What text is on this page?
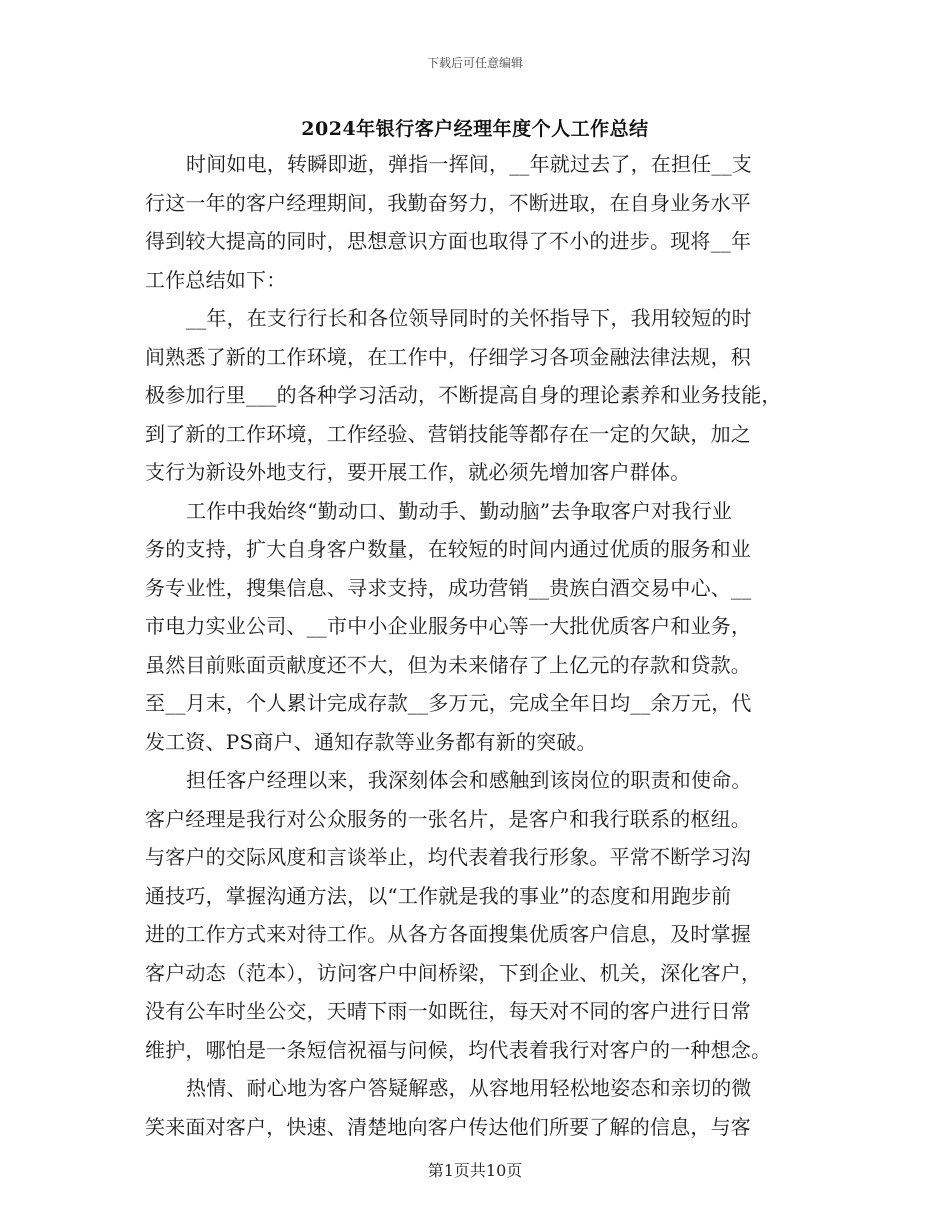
下载后可任意编辑
2024年银行客户经理年度个人工作总结
时间如电，转瞬即逝，弹指一挥间，__年就过去了，在担任__支
行这一年的客户经理期间，我勤奋努力，不断进取，在自身业务水平
得到较大提高的同时，思想意识方面也取得了不小的进步。现将__年
工作总结如下：
__年，在支行行长和各位领导同时的关怀指导下，我用较短的时
间熟悉了新的工作环境，在工作中，仔细学习各项金融法律法规，积
极参加行里___的各种学习活动，不断提高自身的理论素养和业务技能，
到了新的工作环境，工作经验、营销技能等都存在一定的欠缺，加之
支行为新设外地支行，要开展工作，就必须先增加客户群体。
工作中我始终“勤动口、勤动手、勤动脑”去争取客户对我行业
务的支持，扩大自身客户数量，在较短的时间内通过优质的服务和业
务专业性，搜集信息、寻求支持，成功营销__贵族白酒交易中心、__
市电力实业公司、__市中小企业服务中心等一大批优质客户和业务，
虽然目前账面贡献度还不大，但为未来储存了上亿元的存款和贷款。
至__月末，个人累计完成存款__多万元，完成全年日均__余万元，代
发工资、PS商户、通知存款等业务都有新的突破。
担任客户经理以来，我深刻体会和感触到该岗位的职责和使命。
客户经理是我行对公众服务的一张名片，是客户和我行联系的枢纽。
与客户的交际风度和言谈举止，均代表着我行形象。平常不断学习沟
通技巧，掌握沟通方法，以“工作就是我的事业”的态度和用跑步前
进的工作方式来对待工作。从各方各面搜集优质客户信息，及时掌握
客户动态（范本），访问客户中间桥梁，下到企业、机关，深化客户，
没有公车时坐公交，天晴下雨一如既往，每天对不同的客户进行日常
维护，哪怕是一条短信祝福与问候，均代表着我行对客户的一种想念。
热情、耐心地为客户答疑解惑，从容地用轻松地姿态和亲切的微
笑来面对客户，快速、清楚地向客户传达他们所要了解的信息，与客
第1页共10页
